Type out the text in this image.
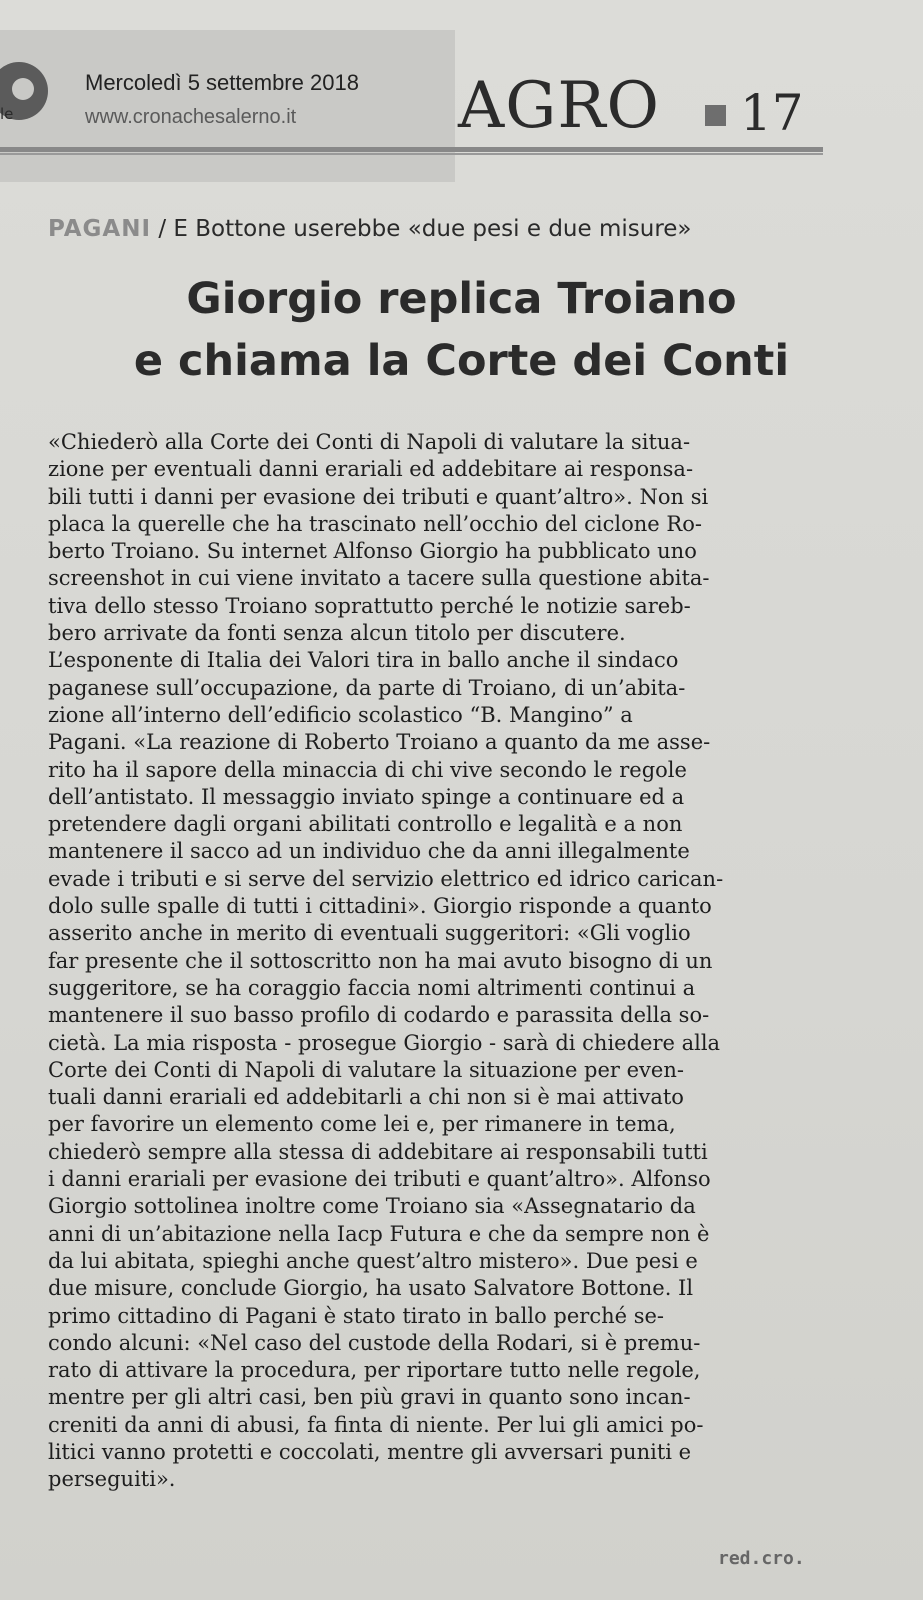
le
Mercoledì 5 settembre 2018
www.cronachesalerno.it	AGRO 17
PAGANI / E Bottone userebbe «due pesi e due misure»
Giorgio replica Troiano
e chiama la Corte dei Conti
«Chiederò alla Corte dei Conti di Napoli di valutare la situa-
zione per eventuali danni erariali ed addebitare ai responsa-
bili tutti i danni per evasione dei tributi e quant’altro». Non si
placa la querelle che ha trascinato nell’occhio del ciclone Ro-
berto Troiano. Su internet Alfonso Giorgio ha pubblicato uno
screenshot in cui viene invitato a tacere sulla questione abita-
tiva dello stesso Troiano soprattutto perché le notizie sareb-
bero arrivate da fonti senza alcun titolo per discutere.
L’esponente di Italia dei Valori tira in ballo anche il sindaco
paganese sull’occupazione, da parte di Troiano, di un’abita-
zione all’interno dell’edificio scolastico “B. Mangino” a
Pagani. «La reazione di Roberto Troiano a quanto da me asse-
rito ha il sapore della minaccia di chi vive secondo le regole
dell’antistato. Il messaggio inviato spinge a continuare ed a
pretendere dagli organi abilitati controllo e legalità e a non
mantenere il sacco ad un individuo che da anni illegalmente
evade i tributi e si serve del servizio elettrico ed idrico carican-
dolo sulle spalle di tutti i cittadini». Giorgio risponde a quanto
asserito anche in merito di eventuali suggeritori: «Gli voglio
far presente che il sottoscritto non ha mai avuto bisogno di un
suggeritore, se ha coraggio faccia nomi altrimenti continui a
mantenere il suo basso profilo di codardo e parassita della so-
cietà. La mia risposta - prosegue Giorgio - sarà di chiedere alla
Corte dei Conti di Napoli di valutare la situazione per even-
tuali danni erariali ed addebitarli a chi non si è mai attivato
per favorire un elemento come lei e, per rimanere in tema,
chiederò sempre alla stessa di addebitare ai responsabili tutti
i danni erariali per evasione dei tributi e quant’altro». Alfonso
Giorgio sottolinea inoltre come Troiano sia «Assegnatario da
anni di un’abitazione nella Iacp Futura e che da sempre non è
da lui abitata, spieghi anche quest’altro mistero». Due pesi e
due misure, conclude Giorgio, ha usato Salvatore Bottone. Il
primo cittadino di Pagani è stato tirato in ballo perché se-
condo alcuni: «Nel caso del custode della Rodari, si è premu-
rato di attivare la procedura, per riportare tutto nelle regole,
mentre per gli altri casi, ben più gravi in quanto sono incan-
creniti da anni di abusi, fa finta di niente. Per lui gli amici po-
litici vanno protetti e coccolati, mentre gli avversari puniti e
perseguiti».
red.cro.
